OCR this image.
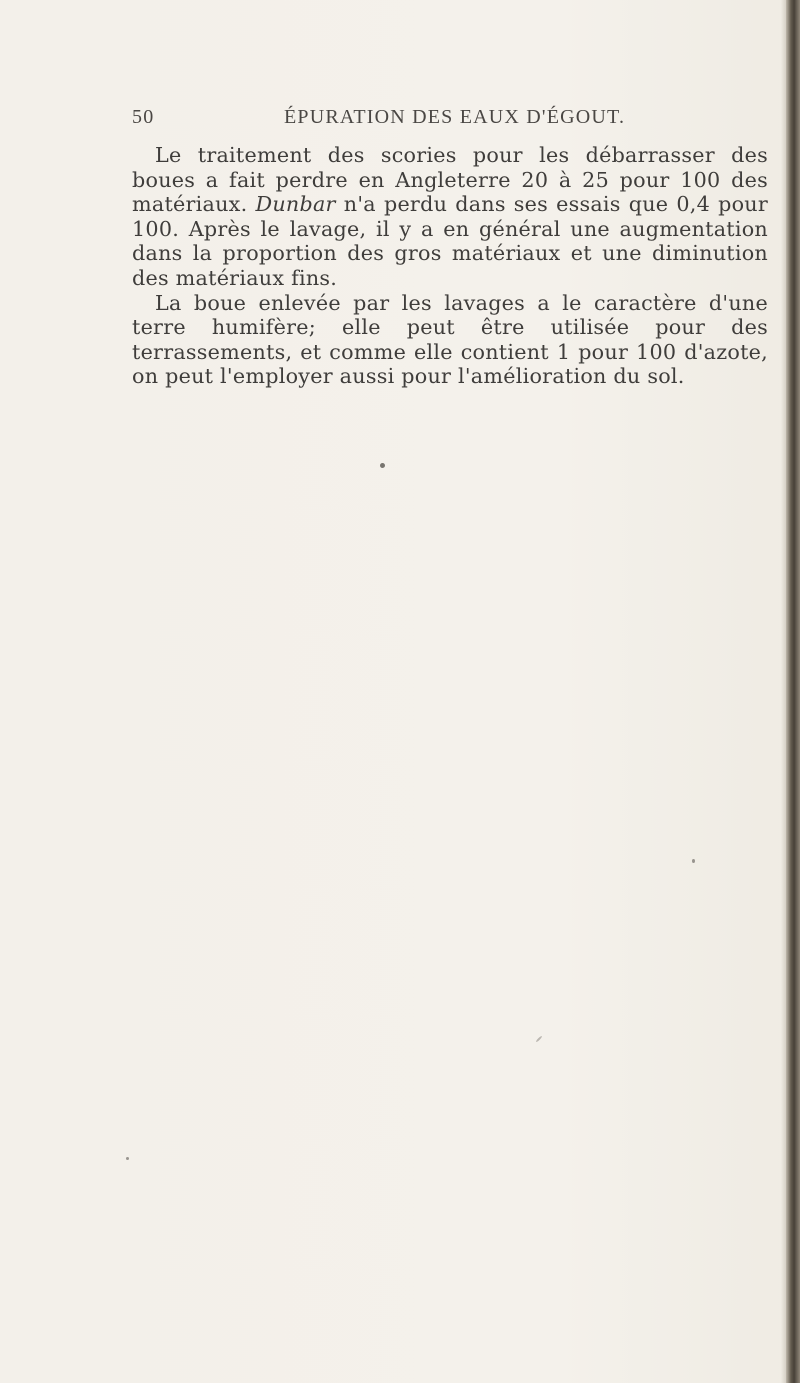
50	ÉPURATION DES EAUX D'ÉGOUT.

Le traitement des scories pour les débarrasser des boues a fait perdre en Angleterre 20 à 25 pour 100 des matériaux. Dunbar n'a perdu dans ses essais que 0,4 pour 100. Après le lavage, il y a en général une augmentation dans la proportion des gros matériaux et une diminution des matériaux fins.

La boue enlevée par les lavages a le caractère d'une terre humifère; elle peut être utilisée pour des terrassements, et comme elle contient 1 pour 100 d'azote, on peut l'employer aussi pour l'amélioration du sol.
